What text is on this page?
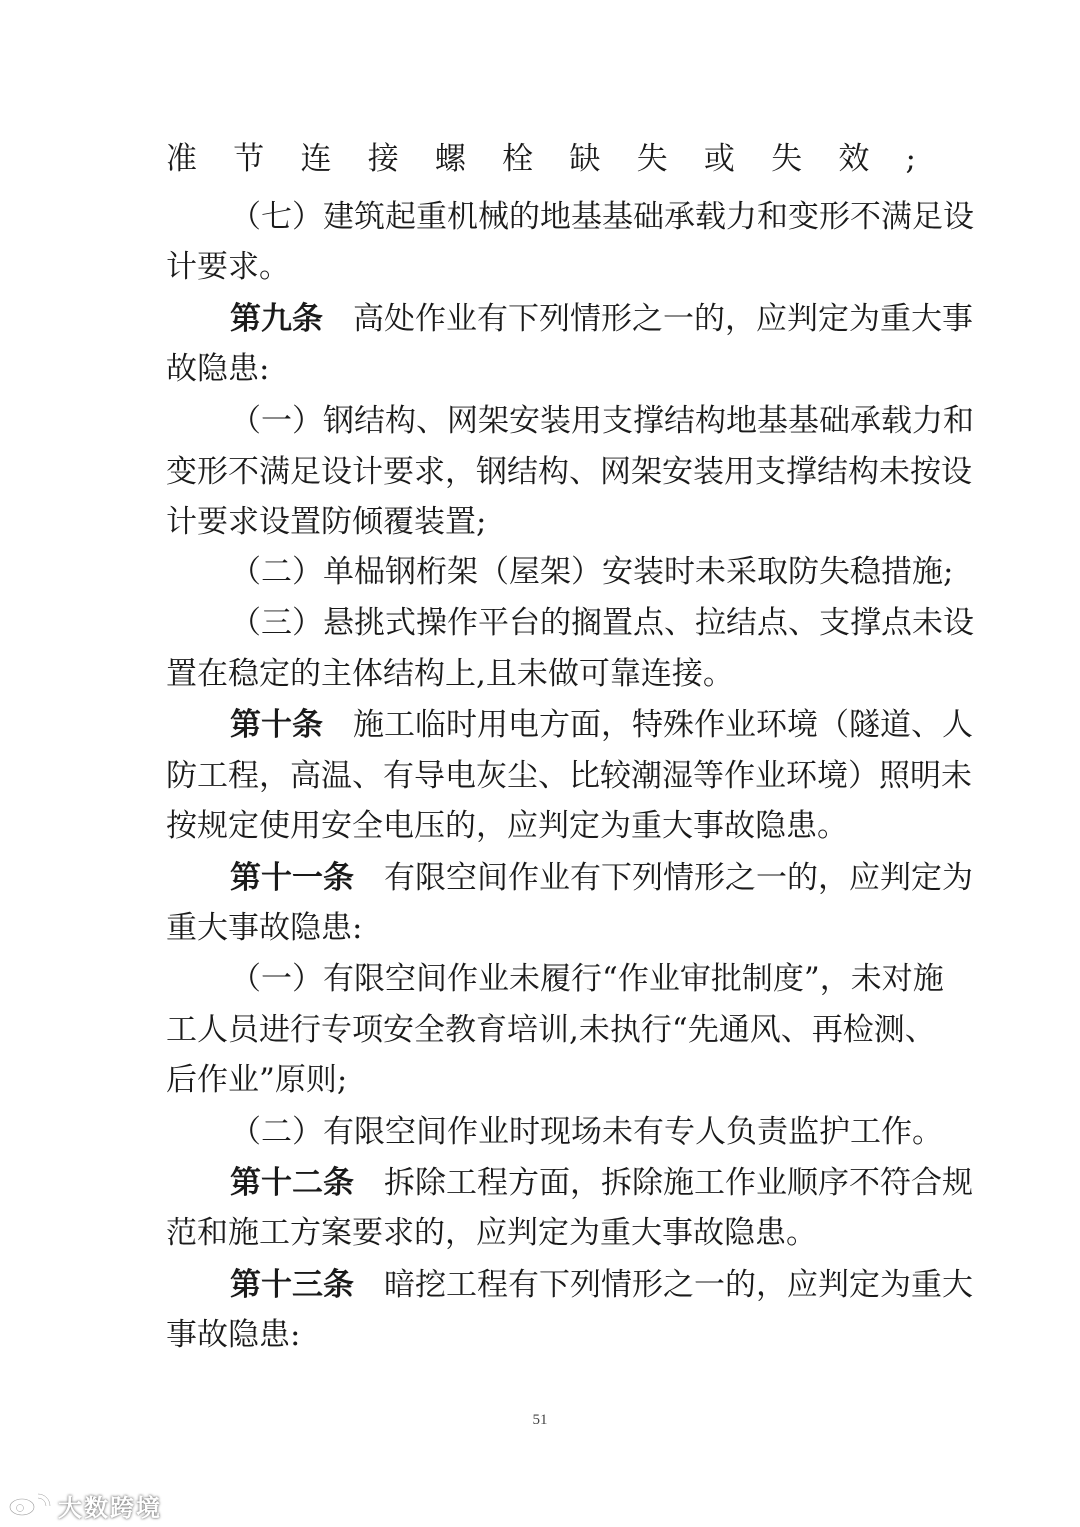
准节连接螺栓缺失或失效;
（七）建筑起重机械的地基基础承载力和变形不满足设
计要求。
第九条 高处作业有下列情形之一的，应判定为重大事
故隐患:
（一）钢结构、网架安装用支撑结构地基基础承载力和
变形不满足设计要求，钢结构、网架安装用支撑结构未按设
计要求设置防倾覆装置;
（二）单榀钢桁架（屋架）安装时未采取防失稳措施;
（三）悬挑式操作平台的搁置点、拉结点、支撑点未设
置在稳定的主体结构上,且未做可靠连接。
第十条 施工临时用电方面，特殊作业环境（隧道、人
防工程，高温、有导电灰尘、比较潮湿等作业环境）照明未
按规定使用安全电压的，应判定为重大事故隐患。
第十一条 有限空间作业有下列情形之一的，应判定为
重大事故隐患:
（一）有限空间作业未履行“作业审批制度”，未对施
工人员进行专项安全教育培训,未执行“先通风、再检测、
后作业”原则;
（二）有限空间作业时现场未有专人负责监护工作。
第十二条 拆除工程方面，拆除施工作业顺序不符合规
范和施工方案要求的，应判定为重大事故隐患。
第十三条 暗挖工程有下列情形之一的，应判定为重大
事故隐患:
51
大数跨境
